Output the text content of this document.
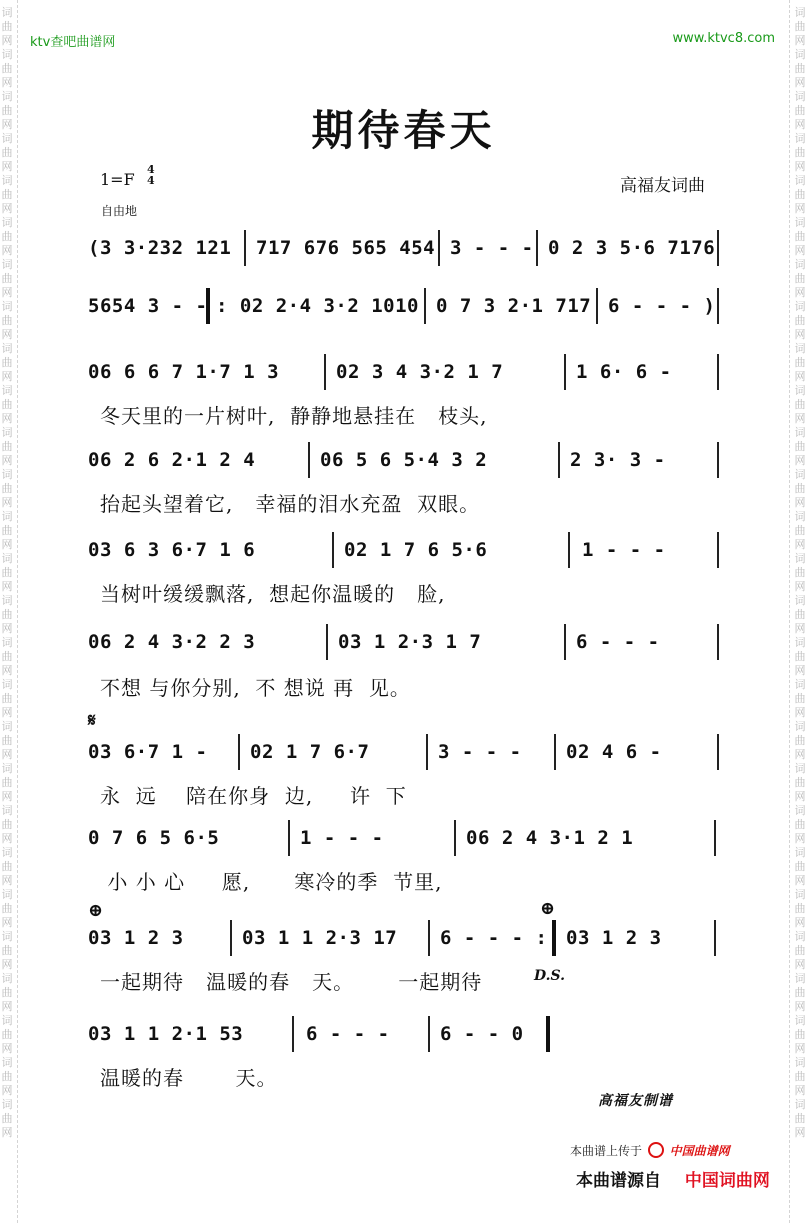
词曲网词曲网词曲网词曲网词曲网词曲网词曲网词曲网词曲网词曲网词曲网词曲网词曲网词曲网词曲网词曲网词曲网词曲网词曲网词曲网词曲网词曲网词曲网词曲网词曲网词曲网词曲网
词曲网词曲网词曲网词曲网词曲网词曲网词曲网词曲网词曲网词曲网词曲网词曲网词曲网词曲网词曲网词曲网词曲网词曲网词曲网词曲网词曲网词曲网词曲网词曲网词曲网词曲网词曲网
ktv查吧曲谱网	www.ktvc8.com
期待春天
1=F
4
4	高福友词曲
自由地
(3 3·232 121 717 676 565 454 3 - - - 0 2 3 5·6 7176
5654 3 - -
: 02 2·4 3·2 1010 0 7 3 2·1 717 6 - - - )
06 6 6 7 1·7 1 3	02 3 4 3·2 1 7	1 6· 6 -
冬天里的一片树叶,  静静地悬挂在   枝头,
06 2 6 2·1 2 4	06 5 6 5·4 3 2	2 3· 3 -
抬起头望着它,   幸福的泪水充盈  双眼。
03 6 3 6·7 1 6	02 1 7 6 5·6	1 - - -
当树叶缓缓飘落,  想起你温暖的   脸,
06 2 4 3·2 2 3	03 1 2·3 1 7	6 - - -
不想 与你分别,  不 想说 再  见。
𝄋
03 6·7 1 - 02 1 7 6·7	3 - - - 02 4 6 -
永  远    陪在你身  边,     许  下
0 7 6 5 6·5	1 - - -	06 2 4 3·1 2 1
小 小 心     愿,      寒冷的季  节里,
⊕	⊕
03 1 2 3	03 1 1 2·3 17 6 - - - : 03 1 2 3
一起期待   温暖的春   天。      一起期待	D.S.
03 1 1 2·1 53	6 - - -	6 - - 0
温暖的春       天。
高福友制谱
本曲谱上传于 中国曲谱网
本曲谱源自 中国词曲网
